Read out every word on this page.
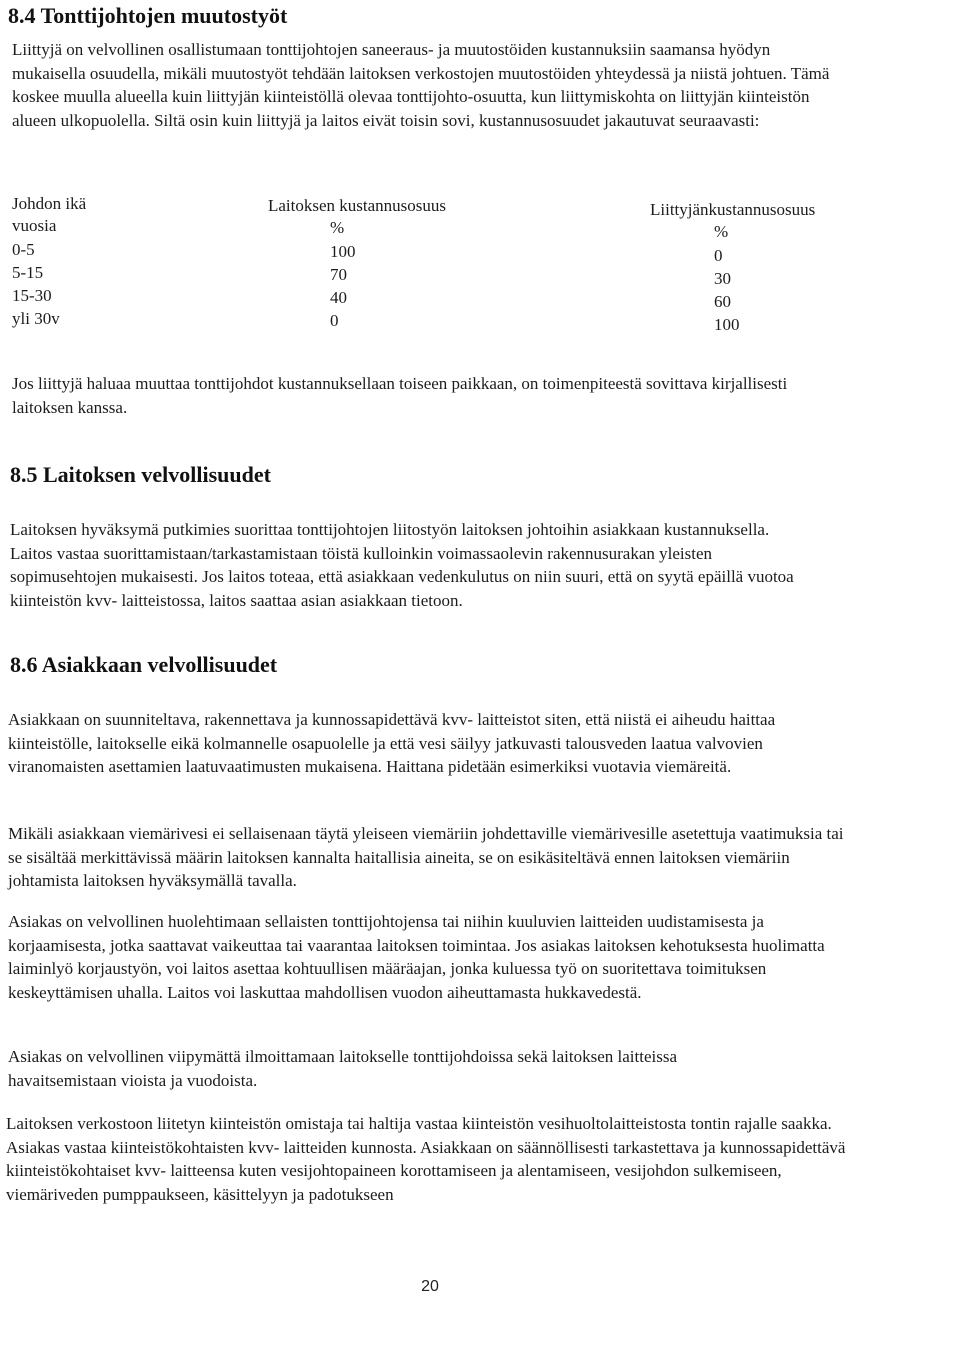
8.4 Tonttijohtojen muutostyöt

Liittyjä on velvollinen osallistumaan tonttijohtojen saneeraus- ja muutostöiden kustannuksiin saamansa hyödyn mukaisella osuudella, mikäli muutostyöt tehdään laitoksen verkostojen muutostöiden yhteydessä ja niistä johtuen. Tämä koskee muulla alueella kuin liittyjän kiinteistöllä olevaa tonttijohto-osuutta, kun liittymiskohta on liittyjän kiinteistön alueen ulkopuolella. Siltä osin kuin liittyjä ja laitos eivät toisin sovi, kustannusosuudet jakautuvat seuraavasti:

Johdon ikä	Laitoksen kustannusosuus	Liittyjänkustannusosuus
vuosia	%	%
0-5	100	0
5-15	70	30
15-30	40	60
yli 30v	0	100

Jos liittyjä haluaa muuttaa tonttijohdot kustannuksellaan toiseen paikkaan, on toimenpiteestä sovittava kirjallisesti laitoksen kanssa.

8.5 Laitoksen velvollisuudet

Laitoksen hyväksymä putkimies suorittaa tonttijohtojen liitostyön laitoksen johtoihin asiakkaan kustannuksella. Laitos vastaa suorittamistaan/tarkastamistaan töistä kulloinkin voimassaolevin rakennusurakan yleisten sopimusehtojen mukaisesti. Jos laitos toteaa, että asiakkaan vedenkulutus on niin suuri, että on syytä epäillä vuotoa kiinteistön kvv- laitteistossa, laitos saattaa asian asiakkaan tietoon.

8.6 Asiakkaan velvollisuudet

Asiakkaan on suunniteltava, rakennettava ja kunnossapidettävä kvv- laitteistot siten, että niistä ei aiheudu haittaa kiinteistölle, laitokselle eikä kolmannelle osapuolelle ja että vesi säilyy jatkuvasti talousveden laatua valvovien viranomaisten asettamien laatuvaatimusten mukaisena. Haittana pidetään esimerkiksi vuotavia viemäreitä.

Mikäli asiakkaan viemärivesi ei sellaisenaan täytä yleiseen viemäriin johdettaville viemärivesille asetettuja vaatimuksia tai se sisältää merkittävissä määrin laitoksen kannalta haitallisia aineita, se on esikäsiteltävä ennen laitoksen viemäriin johtamista laitoksen hyväksymällä tavalla.

Asiakas on velvollinen huolehtimaan sellaisten tonttijohtojensa tai niihin kuuluvien laitteiden uudistamisesta ja korjaamisesta, jotka saattavat vaikeuttaa tai vaarantaa laitoksen toimintaa. Jos asiakas laitoksen kehotuksesta huolimatta laiminlyö korjaustyön, voi laitos asettaa kohtuullisen määräajan, jonka kuluessa työ on suoritettava toimituksen keskeyttämisen uhalla. Laitos voi laskuttaa mahdollisen vuodon aiheuttamasta hukkavedestä.

Asiakas on velvollinen viipymättä ilmoittamaan laitokselle tonttijohdoissa sekä laitoksen laitteissa havaitsemistaan vioista ja vuodoista.

Laitoksen verkostoon liitetyn kiinteistön omistaja tai haltija vastaa kiinteistön vesihuoltolaitteistosta tontin rajalle saakka. Asiakas vastaa kiinteistökohtaisten kvv- laitteiden kunnosta. Asiakkaan on säännöllisesti tarkastettava ja kunnossapidettävä kiinteistökohtaiset kvv- laitteensa kuten vesijohtopaineen korottamiseen ja alentamiseen, vesijohdon sulkemiseen, viemäriveden pumppaukseen, käsittelyyn ja padotukseen

20
